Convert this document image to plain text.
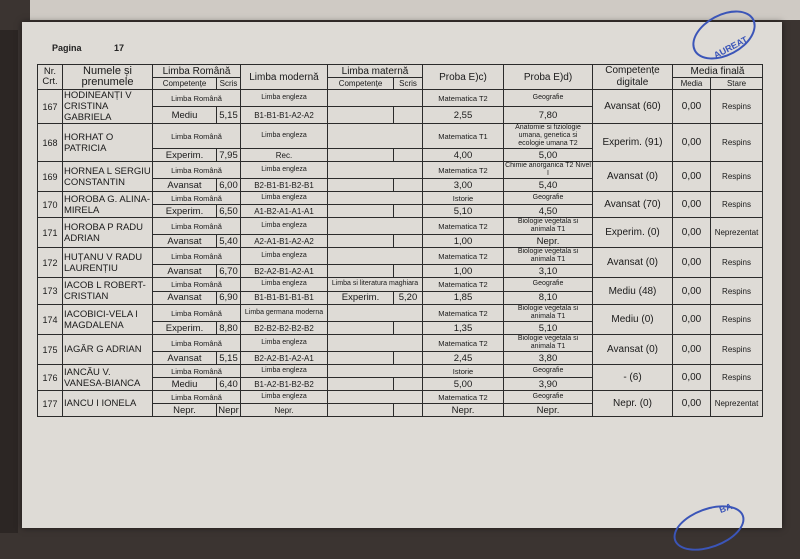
AUREAT
BA
Pagina	17
Nr. Crt.	Numele și prenumele	Limba Română		Limba modernă	Limba maternă		Proba E)c)	Proba E)d)	Competențe digitale	Media finală	
		Competențe	Scris		Competențe	Scris				Media	Stare
167	HODINEANȚI V CRISTINA GABRIELA	Limba Română		Limba engleza			Matematica T2	Geografie	Avansat (60)	0,00	Respins
		Mediu	5,15	B1-B1-B1-A2-A2			2,55	7,80			
168	HORHAT O PATRICIA	Limba Română		Limba engleza			Matematica T1	Anatomie si fiziologie umana, genetica si ecologie umana T2	Experim. (91)	0,00	Respins
		Experim.	7,95	Rec.			4,00	5,00			
169	HORNEA L SERGIU CONSTANTIN	Limba Română		Limba engleza			Matematica T2	Chimie anorganica T2 Nivel I	Avansat (0)	0,00	Respins
		Avansat	6,00	B2-B1-B1-B2-B1			3,00	5,40			
170	HOROBA G. ALINA-MIRELA	Limba Română		Limba engleza			Istorie	Geografie	Avansat (70)	0,00	Respins
		Experim.	6,50	A1-B2-A1-A1-A1			5,10	4,50			
171	HOROBA P RADU ADRIAN	Limba Română		Limba engleza			Matematica T2	Biologie vegetala si animala T1	Experim. (0)	0,00	Neprezentat
		Avansat	5,40	A2-A1-B1-A2-A2			1,00	Nepr.			
172	HUȚANU V RADU LAURENȚIU	Limba Română		Limba engleza			Matematica T2	Biologie vegetala si animala T1	Avansat (0)	0,00	Respins
		Avansat	6,70	B2-A2-B1-A2-A1			1,00	3,10			
173	IACOB L ROBERT-CRISTIAN	Limba Română		Limba engleza	Limba si literatura maghiara		Matematica T2	Geografie	Mediu (48)	0,00	Respins
		Avansat	6,90	B1-B1-B1-B1-B1	Experim.	5,20	1,85	8,10			
174	IACOBICI-VELA I MAGDALENA	Limba Română		Limba germana moderna			Matematica T2	Biologie vegetala si animala T1	Mediu (0)	0,00	Respins
		Experim.	8,80	B2-B2-B2-B2-B2			1,35	5,10			
175	IAGĂR G ADRIAN	Limba Română		Limba engleza			Matematica T2	Biologie vegetala si animala T1	Avansat (0)	0,00	Respins
		Avansat	5,15	B2-A2-B1-A2-A1			2,45	3,80			
176	IANCĂU V. VANESA-BIANCA	Limba Română		Limba engleza			Istorie	Geografie	- (6)	0,00	Respins
		Mediu	6,40	B1-A2-B1-B2-B2			5,00	3,90			
177	IANCU I IONELA	Limba Română		Limba engleza			Matematica T2	Geografie	Nepr. (0)	0,00	Neprezentat
		Nepr.	Nepr	Nepr.			Nepr.	Nepr.			
